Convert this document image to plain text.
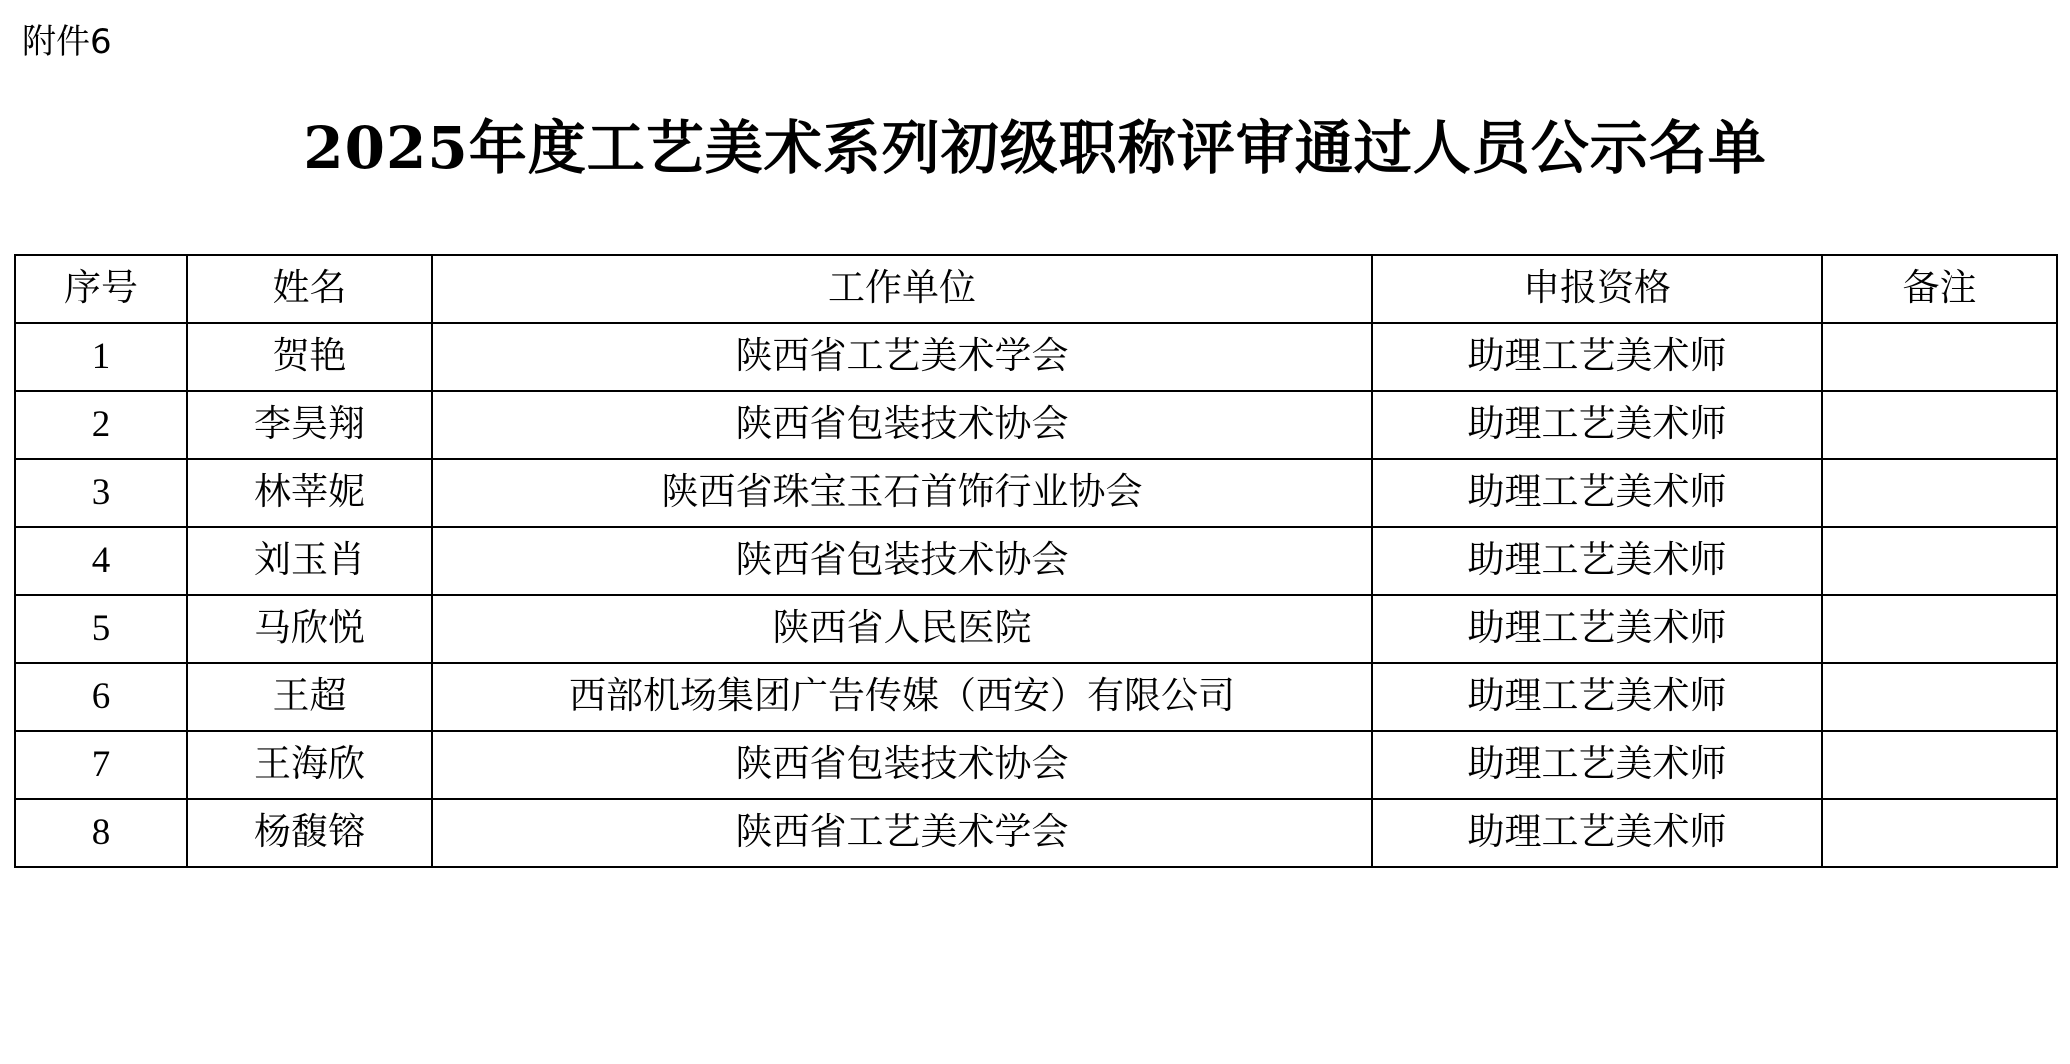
附件6
2025年度工艺美术系列初级职称评审通过人员公示名单
序号	姓名	工作单位	申报资格	备注
1	贺艳	陕西省工艺美术学会	助理工艺美术师	
2	李昊翔	陕西省包装技术协会	助理工艺美术师	
3	林莘妮	陕西省珠宝玉石首饰行业协会	助理工艺美术师	
4	刘玉肖	陕西省包装技术协会	助理工艺美术师	
5	马欣悦	陕西省人民医院	助理工艺美术师	
6	王超	西部机场集团广告传媒（西安）有限公司	助理工艺美术师	
7	王海欣	陕西省包装技术协会	助理工艺美术师	
8	杨馥镕	陕西省工艺美术学会	助理工艺美术师	
